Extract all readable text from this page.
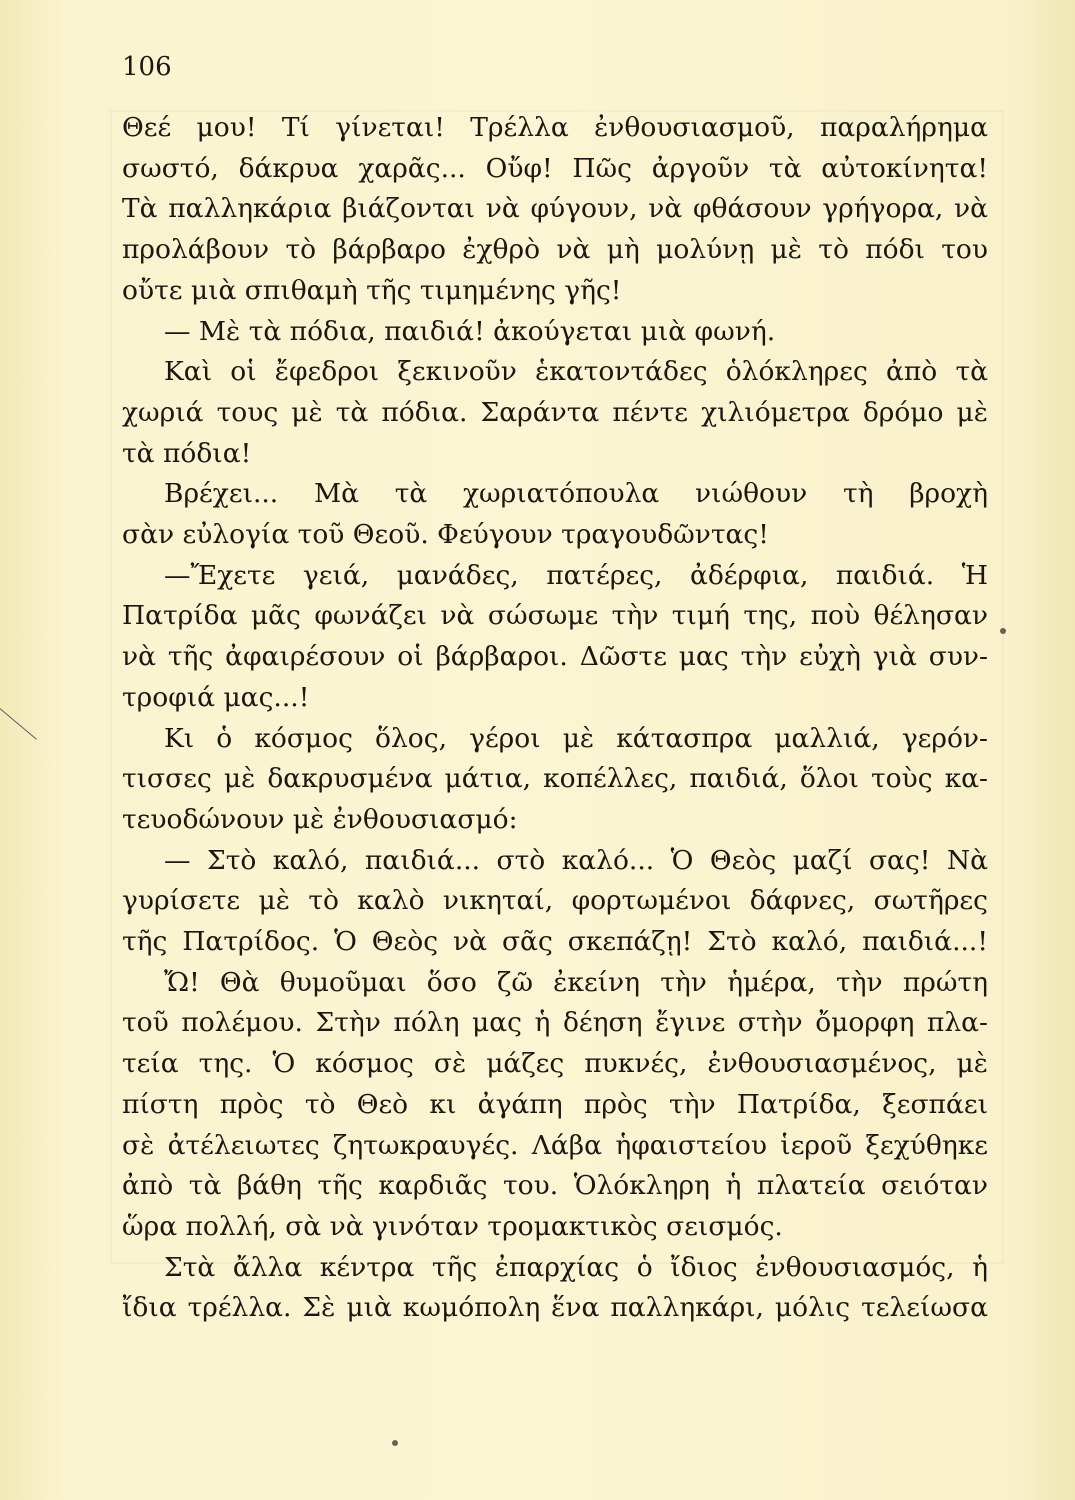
106

Θεέ μου! Τί γίνεται! Τρέλλα ἐνθουσιασμοῦ, παραλήρημα

σωστό, δάκρυα χαρᾶς... Οὔφ! Πῶς ἀργοῦν τὰ αὐτοκίνητα!

Τὰ παλληκάρια βιάζονται νὰ φύγουν, νὰ φθάσουν γρήγορα, νὰ

προλάβουν τὸ βάρβαρο ἐχθρὸ νὰ μὴ μολύνῃ μὲ τὸ πόδι του

οὔτε μιὰ σπιθαμὴ τῆς τιμημένης γῆς!

— Μὲ τὰ πόδια, παιδιά! ἀκούγεται μιὰ φωνή.

Καὶ οἱ ἔφεδροι ξεκινοῦν ἑκατοντάδες ὁλόκληρες ἀπὸ τὰ

χωριά τους μὲ τὰ πόδια. Σαράντα πέντε χιλιόμετρα δρόμο μὲ

τὰ πόδια!

Βρέχει... Μὰ τὰ χωριατόπουλα νιώθουν τὴ βροχὴ

σὰν εὐλογία τοῦ Θεοῦ. Φεύγουν τραγουδῶντας!

—Ἔχετε γειά, μανάδες, πατέρες, ἀδέρφια, παιδιά. Ἡ

Πατρίδα μᾶς φωνάζει νὰ σώσωμε τὴν τιμή της, ποὺ θέλησαν

νὰ τῆς ἀφαιρέσουν οἱ βάρβαροι. Δῶστε μας τὴν εὐχὴ γιὰ συν-

τροφιά μας...!

Κι ὁ κόσμος ὅλος, γέροι μὲ κάτασπρα μαλλιά, γερόν-

τισσες μὲ δακρυσμένα μάτια, κοπέλλες, παιδιά, ὅλοι τοὺς κα-

τευοδώνουν μὲ ἐνθουσιασμό:

— Στὸ καλό, παιδιά... στὸ καλό... Ὁ Θεὸς μαζί σας! Νὰ

γυρίσετε μὲ τὸ καλὸ νικηταί, φορτωμένοι δάφνες, σωτῆρες

τῆς Πατρίδος. Ὁ Θεὸς νὰ σᾶς σκεπάζῃ! Στὸ καλό, παιδιά...!

Ὤ! Θὰ θυμοῦμαι ὅσο ζῶ ἐκείνη τὴν ἡμέρα, τὴν πρώτη

τοῦ πολέμου. Στὴν πόλη μας ἡ δέηση ἔγινε στὴν ὄμορφη πλα-

τεία της. Ὁ κόσμος σὲ μάζες πυκνές, ἐνθουσιασμένος, μὲ

πίστη πρὸς τὸ Θεὸ κι ἀγάπη πρὸς τὴν Πατρίδα, ξεσπάει

σὲ ἀτέλειωτες ζητωκραυγές. Λάβα ἡφαιστείου ἱεροῦ ξεχύθηκε

ἀπὸ τὰ βάθη τῆς καρδιᾶς του. Ὁλόκληρη ἡ πλατεία σειόταν

ὥρα πολλή, σὰ νὰ γινόταν τρομακτικὸς σεισμός.

Στὰ ἄλλα κέντρα τῆς ἐπαρχίας ὁ ἴδιος ἐνθουσιασμός, ἡ

ἴδια τρέλλα. Σὲ μιὰ κωμόπολη ἕνα παλληκάρι, μόλις τελείωσα
